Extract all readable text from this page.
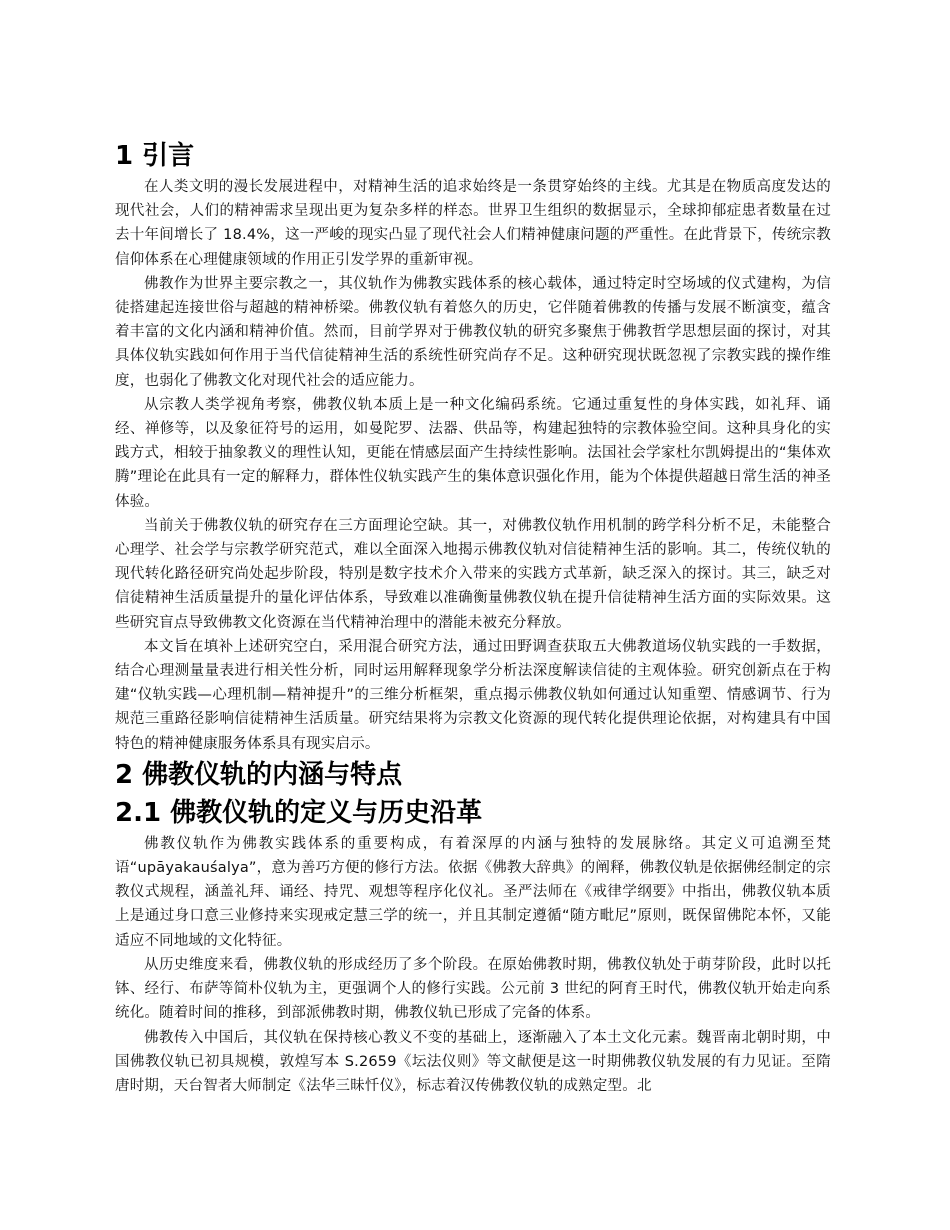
1 引言

在人类文明的漫长发展进程中，对精神生活的追求始终是一条贯穿始终的主线。尤其是在物质高度发达的现代社会，人们的精神需求呈现出更为复杂多样的样态。世界卫生组织的数据显示，全球抑郁症患者数量在过去十年间增长了 18.4%，这一严峻的现实凸显了现代社会人们精神健康问题的严重性。在此背景下，传统宗教信仰体系在心理健康领域的作用正引发学界的重新审视。

佛教作为世界主要宗教之一，其仪轨作为佛教实践体系的核心载体，通过特定时空场域的仪式建构，为信徒搭建起连接世俗与超越的精神桥梁。佛教仪轨有着悠久的历史，它伴随着佛教的传播与发展不断演变，蕴含着丰富的文化内涵和精神价值。然而，目前学界对于佛教仪轨的研究多聚焦于佛教哲学思想层面的探讨，对其具体仪轨实践如何作用于当代信徒精神生活的系统性研究尚存不足。这种研究现状既忽视了宗教实践的操作维度，也弱化了佛教文化对现代社会的适应能力。

从宗教人类学视角考察，佛教仪轨本质上是一种文化编码系统。它通过重复性的身体实践，如礼拜、诵经、禅修等，以及象征符号的运用，如曼陀罗、法器、供品等，构建起独特的宗教体验空间。这种具身化的实践方式，相较于抽象教义的理性认知，更能在情感层面产生持续性影响。法国社会学家杜尔凯姆提出的“集体欢腾”理论在此具有一定的解释力，群体性仪轨实践产生的集体意识强化作用，能为个体提供超越日常生活的神圣体验。

当前关于佛教仪轨的研究存在三方面理论空缺。其一，对佛教仪轨作用机制的跨学科分析不足，未能整合心理学、社会学与宗教学研究范式，难以全面深入地揭示佛教仪轨对信徒精神生活的影响。其二，传统仪轨的现代转化路径研究尚处起步阶段，特别是数字技术介入带来的实践方式革新，缺乏深入的探讨。其三，缺乏对信徒精神生活质量提升的量化评估体系，导致难以准确衡量佛教仪轨在提升信徒精神生活方面的实际效果。这些研究盲点导致佛教文化资源在当代精神治理中的潜能未被充分释放。

本文旨在填补上述研究空白，采用混合研究方法，通过田野调查获取五大佛教道场仪轨实践的一手数据，结合心理测量量表进行相关性分析，同时运用解释现象学分析法深度解读信徒的主观体验。研究创新点在于构建“仪轨实践—心理机制—精神提升”的三维分析框架，重点揭示佛教仪轨如何通过认知重塑、情感调节、行为规范三重路径影响信徒精神生活质量。研究结果将为宗教文化资源的现代转化提供理论依据，对构建具有中国特色的精神健康服务体系具有现实启示。

2 佛教仪轨的内涵与特点
2.1 佛教仪轨的定义与历史沿革

佛教仪轨作为佛教实践体系的重要构成，有着深厚的内涵与独特的发展脉络。其定义可追溯至梵语“upāyakauśalya”，意为善巧方便的修行方法。依据《佛教大辞典》的阐释，佛教仪轨是依据佛经制定的宗教仪式规程，涵盖礼拜、诵经、持咒、观想等程序化仪礼。圣严法师在《戒律学纲要》中指出，佛教仪轨本质上是通过身口意三业修持来实现戒定慧三学的统一，并且其制定遵循“随方毗尼”原则，既保留佛陀本怀，又能适应不同地域的文化特征。

从历史维度来看，佛教仪轨的形成经历了多个阶段。在原始佛教时期，佛教仪轨处于萌芽阶段，此时以托钵、经行、布萨等简朴仪轨为主，更强调个人的修行实践。公元前 3 世纪的阿育王时代，佛教仪轨开始走向系统化。随着时间的推移，到部派佛教时期，佛教仪轨已形成了完备的体系。

佛教传入中国后，其仪轨在保持核心教义不变的基础上，逐渐融入了本土文化元素。魏晋南北朝时期，中国佛教仪轨已初具规模，敦煌写本 S.2659《坛法仪则》等文献便是这一时期佛教仪轨发展的有力见证。至隋唐时期，天台智者大师制定《法华三昧忏仪》，标志着汉传佛教仪轨的成熟定型。北
